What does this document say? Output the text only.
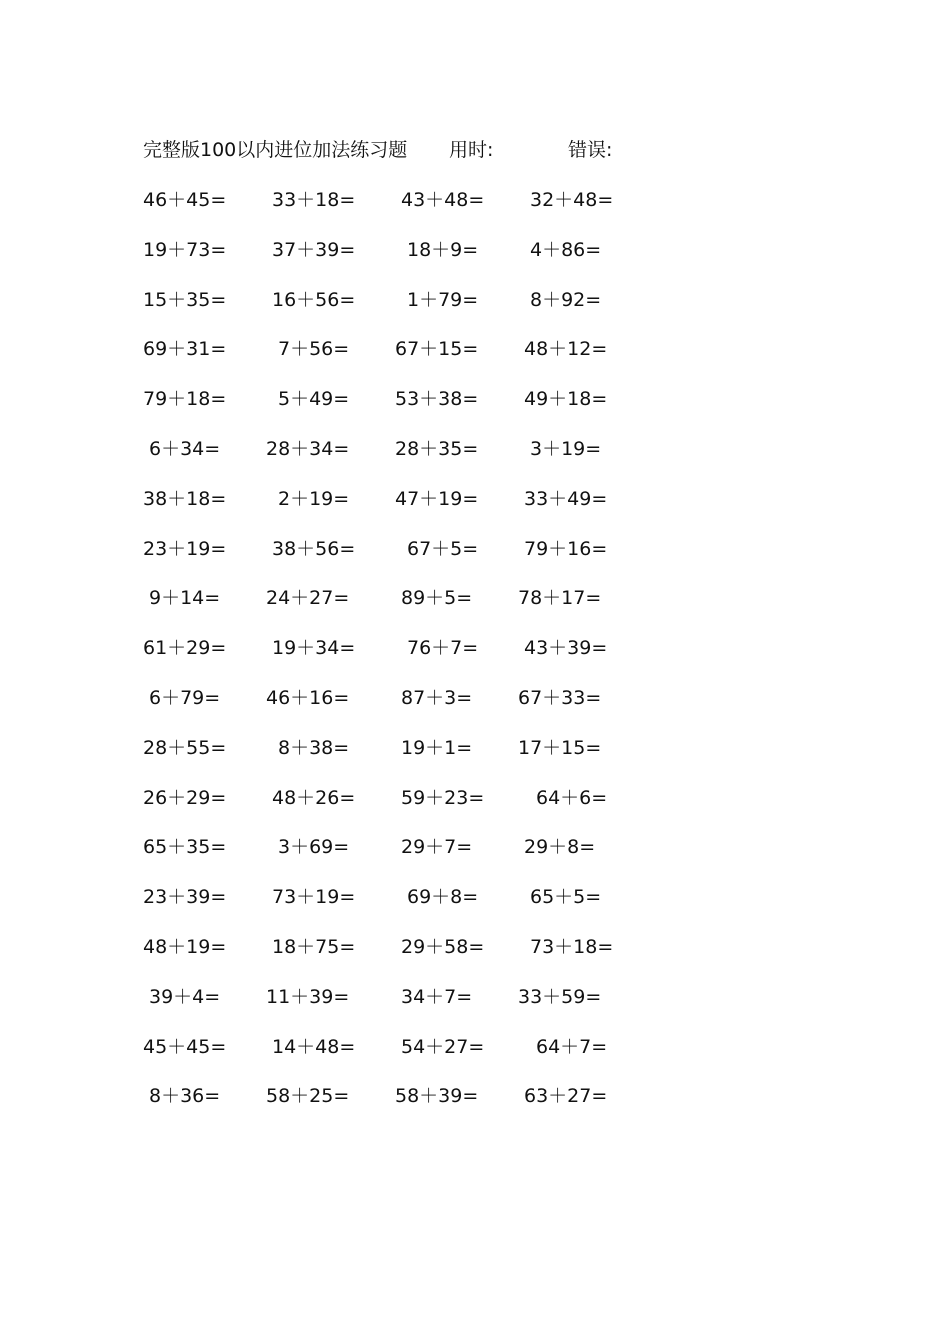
完整版100以内进位加法练习题 用时:	错误:
46＋45= 33＋18= 43＋48= 32＋48=
19＋73= 37＋39=	18＋9=	4＋86=
15＋35= 16＋56=	1＋79=	8＋92=
69＋31=	7＋56= 67＋15= 48＋12=
79＋18=	5＋49= 53＋38= 49＋18=
6＋34= 28＋34= 28＋35=	3＋19=
38＋18=	2＋19= 47＋19= 33＋49=
23＋19= 38＋56=	67＋5= 79＋16=
9＋14= 24＋27=	89＋5= 78＋17=
61＋29= 19＋34=	76＋7= 43＋39=
6＋79= 46＋16=	87＋3= 67＋33=
28＋55=	8＋38=	19＋1= 17＋15=
26＋29= 48＋26= 59＋23=	64＋6=
65＋35=	3＋69=	29＋7=	29＋8=
23＋39= 73＋19=	69＋8=	65＋5=
48＋19= 18＋75= 29＋58= 73＋18=
39＋4= 11＋39=	34＋7= 33＋59=
45＋45= 14＋48= 54＋27=	64＋7=
8＋36= 58＋25= 58＋39= 63＋27=
